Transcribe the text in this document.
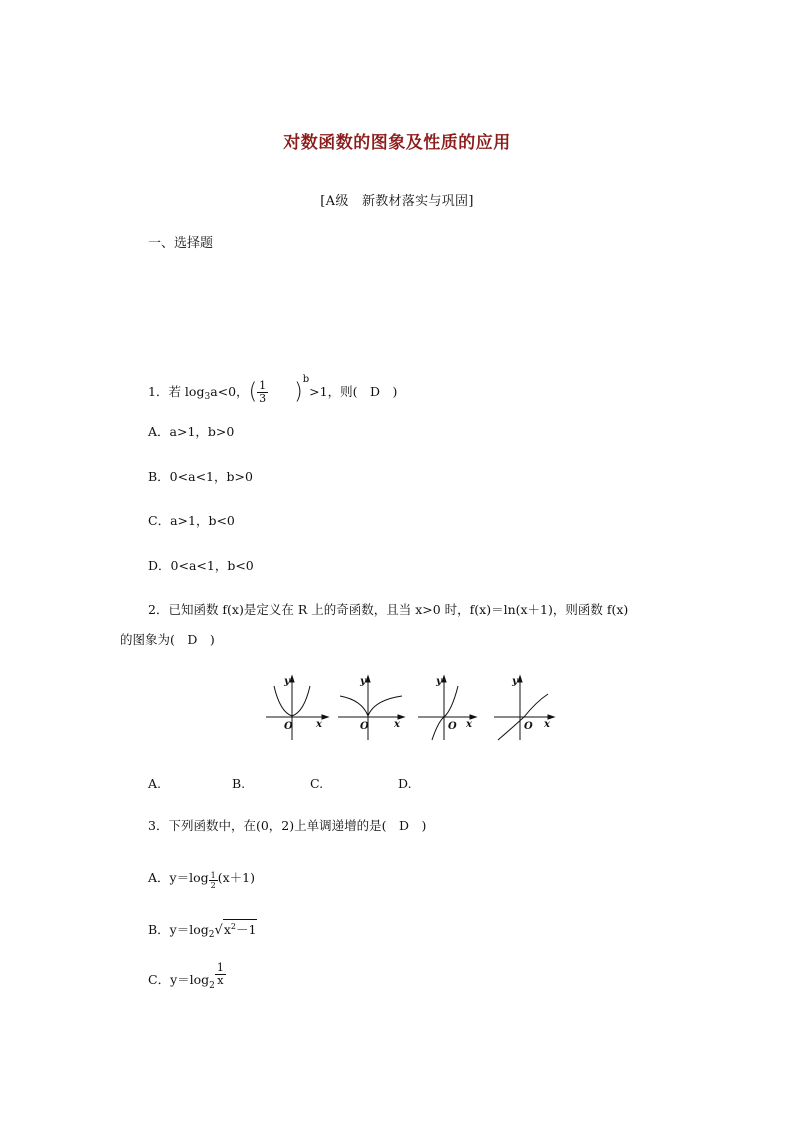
对数函数的图象及性质的应用
[A级　新教材落实与巩固]
一、选择题
1．若 $\log_3a<0$，( $\frac{1}{3} )^b>1$，则(　D　)
A．a>1，b>0
B．0<a<1，b>0
C．a>1，b<0
D．0<a<1，b<0
2．已知函数 f(x)是定义在 R 上的奇函数，且当 x>0 时，f(x)＝ln(x＋1)，则函数 f(x)
的图象为(　D　)
y
x
O
y
x
O
y
x
O
y
x
O
A.	B.	C.	D.
3．下列函数中，在(0，2)上单调递增的是(　D　)
A．$y=\log \frac{1}{2} (x+1)$
B．$y=\log_2√x^2-1$
C．$y=\log_2 \frac{1}{x}$
